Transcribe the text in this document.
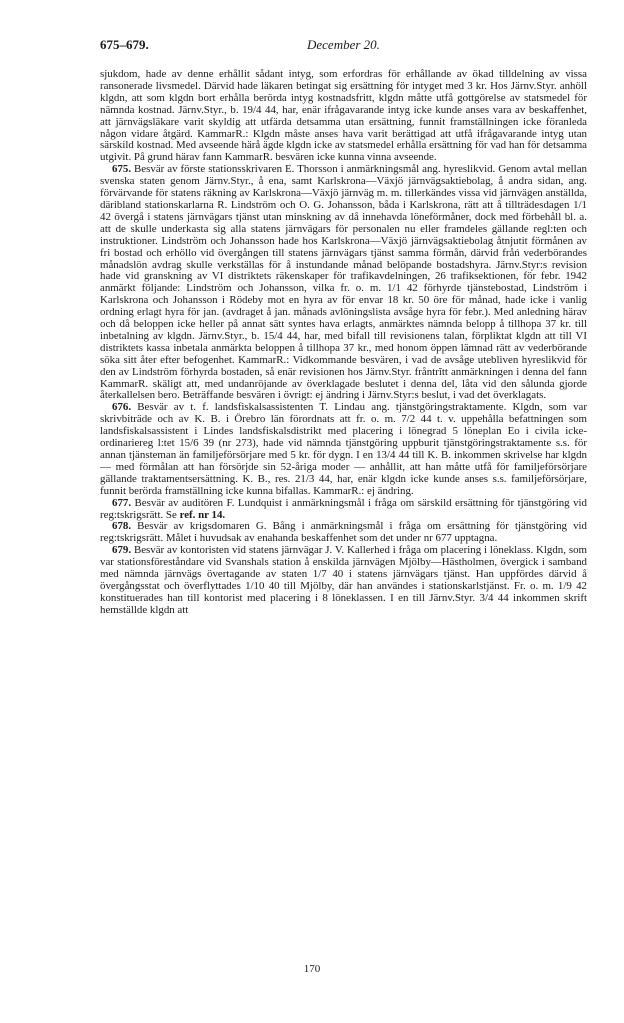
675–679.	December 20.

sjukdom, hade av denne erhållit sådant intyg, som erfordras för erhållande av ökad tilldelning av vissa ransonerade livsmedel. Därvid hade läkaren betingat sig ersättning för intyget med 3 kr. Hos Järnv.Styr. anhöll klgdn, att som klgdn bort erhålla berörda intyg kostnadsfritt, klgdn måtte utfå gottgörelse av statsmedel för nämnda kostnad. Järnv.Styr., b. 19/4 44, har, enär ifrågavarande intyg icke kunde anses vara av beskaffenhet, att järnvägsläkare varit skyldig att utfärda detsamma utan ersättning, funnit framställningen icke föranleda någon vidare åtgärd. KammarR.: Klgdn måste anses hava varit berättigad att utfå ifrågavarande intyg utan särskild kostnad. Med avseende härå ägde klgdn icke av statsmedel erhålla ersättning för vad han för detsamma utgivit. På grund härav fann KammarR. besvären icke kunna vinna avseende.

675. Besvär av förste stationsskrivaren E. Thorsson i anmärkningsmål ang. hyreslikvid. Genom avtal mellan svenska staten genom Järnv.Styr., å ena, samt Karlskrona—Växjö järnvägsaktiebolag, å andra sidan, ang. förvärvande för statens räkning av Karlskrona—Växjö järnväg m. m. tillerkändes vissa vid järnvägen anställda, däribland stationskarlarna R. Lindström och O. G. Johansson, båda i Karlskrona, rätt att å tillträdesdagen 1/1 42 övergå i statens järnvägars tjänst utan minskning av då innehavda löneförmåner, dock med förbehåll bl. a. att de skulle underkasta sig alla statens järnvägars för personalen nu eller framdeles gällande regl:ten och instruktioner. Lindström och Johansson hade hos Karlskrona—Växjö järnvägsaktiebolag åtnjutit förmånen av fri bostad och erhöllo vid övergången till statens järnvägars tjänst samma förmån, därvid fråń vederbörandes månadslön avdrag skulle verkställas för å instundande månad belöpande bostadshyra. Järnv.Styr:s revision hade vid granskning av VI distriktets räkenskaper för trafikavdelningen, 26 trafiksektionen, för febr. 1942 anmärkt följande: Lindström och Johansson, vilka fr. o. m. 1/1 42 förhyrde tjänstebostad, Lindström i Karlskrona och Johansson i Rödeby mot en hyra av för envar 18 kr. 50 öre för månad, hade icke i vanlig ordning erlagt hyra för jan. (avdraget å jan. månads avlöningslista avsåge hyra för febr.). Med anledning härav och då beloppen icke heller på annat sätt syntes hava erlagts, anmärktes nämnda belopp å tillhopa 37 kr. till inbetalning av klgdn. Järnv.Styr., b. 15/4 44, har, med bifall till revisionens talan, förpliktat klgdn att till VI distriktets kassa inbetala anmärkta beloppen å tillhopa 37 kr., med honom öppen lämnad rätt av vederbörande söka sitt åter efter befogenhet. KammarR.: Vidkommande besvären, i vad de avsåge utebliven hyreslikvid för den av Lindström förhyrda bostaden, så enär revisionen hos Järnv.Styr. fråntrĭtt anmärkningen i denna del fann KammarR. skäligt att, med undanröjande av överklagade beslutet i denna del, låta vid den sålunda gjorde återkallelsen bero. Beträffande besvären i övrigt: ej ändring i Järnv.Styr:s beslut, i vad det överklagats.

676. Besvär av t. f. landsfiskalsassistenten T. Lindau ang. tjänstgöringstraktamente. Klgdn, som var skrivbiträde och av K. B. i Örebro län förordnats att fr. o. m. 7/2 44 t. v. uppehålla befattningen som landsfiskalsassistent i Lindes landsfiskalsdistrikt med placering i lönegrad 5 löneplan Eo i civila icke-ordinariereg l:tet 15/6 39 (nr 273), hade vid nämnda tjänstgöring uppburit tjänstgöringstraktamente s.s. för annan tjänsteman än familjeförsörjare med 5 kr. för dygn. I en 13/4 44 till K. B. inkommen skrivelse har klgdn — med förmålan att han försörjde sin 52-åriga moder — anhållit, att han måtte utfå för familjeförsörjare gällande traktamentsersättning. K. B., res. 21/3 44, har, enär klgdn icke kunde anses s.s. familjeförsörjare, funnit berörda framställning icke kunna bifallas. KammarR.: ej ändring.

677. Besvär av auditören F. Lundquist i anmärkningsmål i fråga om särskild ersättning för tjänstgöring vid reg:tskrigsrätt. Se ref. nr 14.

678. Besvär av krigsdomaren G. Bång i anmärkningsmål i fråga om ersättning för tjänstgöring vid reg:tskrigsrätt. Målet i huvudsak av enahanda beskaffenhet som det under nr 677 upptagna.

679. Besvär av kontoristen vid statens järnvägar J. V. Kallerhed i fråga om placering i löneklass. Klgdn, som var stationsföreståndare vid Svanshals station å enskilda järnvägen Mjölby—Hästholmen, övergick i samband med nämnda järnvägs övertagande av staten 1/7 40 i statens järnvägars tjänst. Han uppfördes därvid å övergångsstat och överflyttades 1/10 40 till Mjölby, där han användes i stationskarlstjänst. Fr. o. m. 1/9 42 konstituerades han till kontorist med placering i 8 löneklassen. I en till Järnv.Styr. 3/4 44 inkommen skrift hemställde klgdn att

170
